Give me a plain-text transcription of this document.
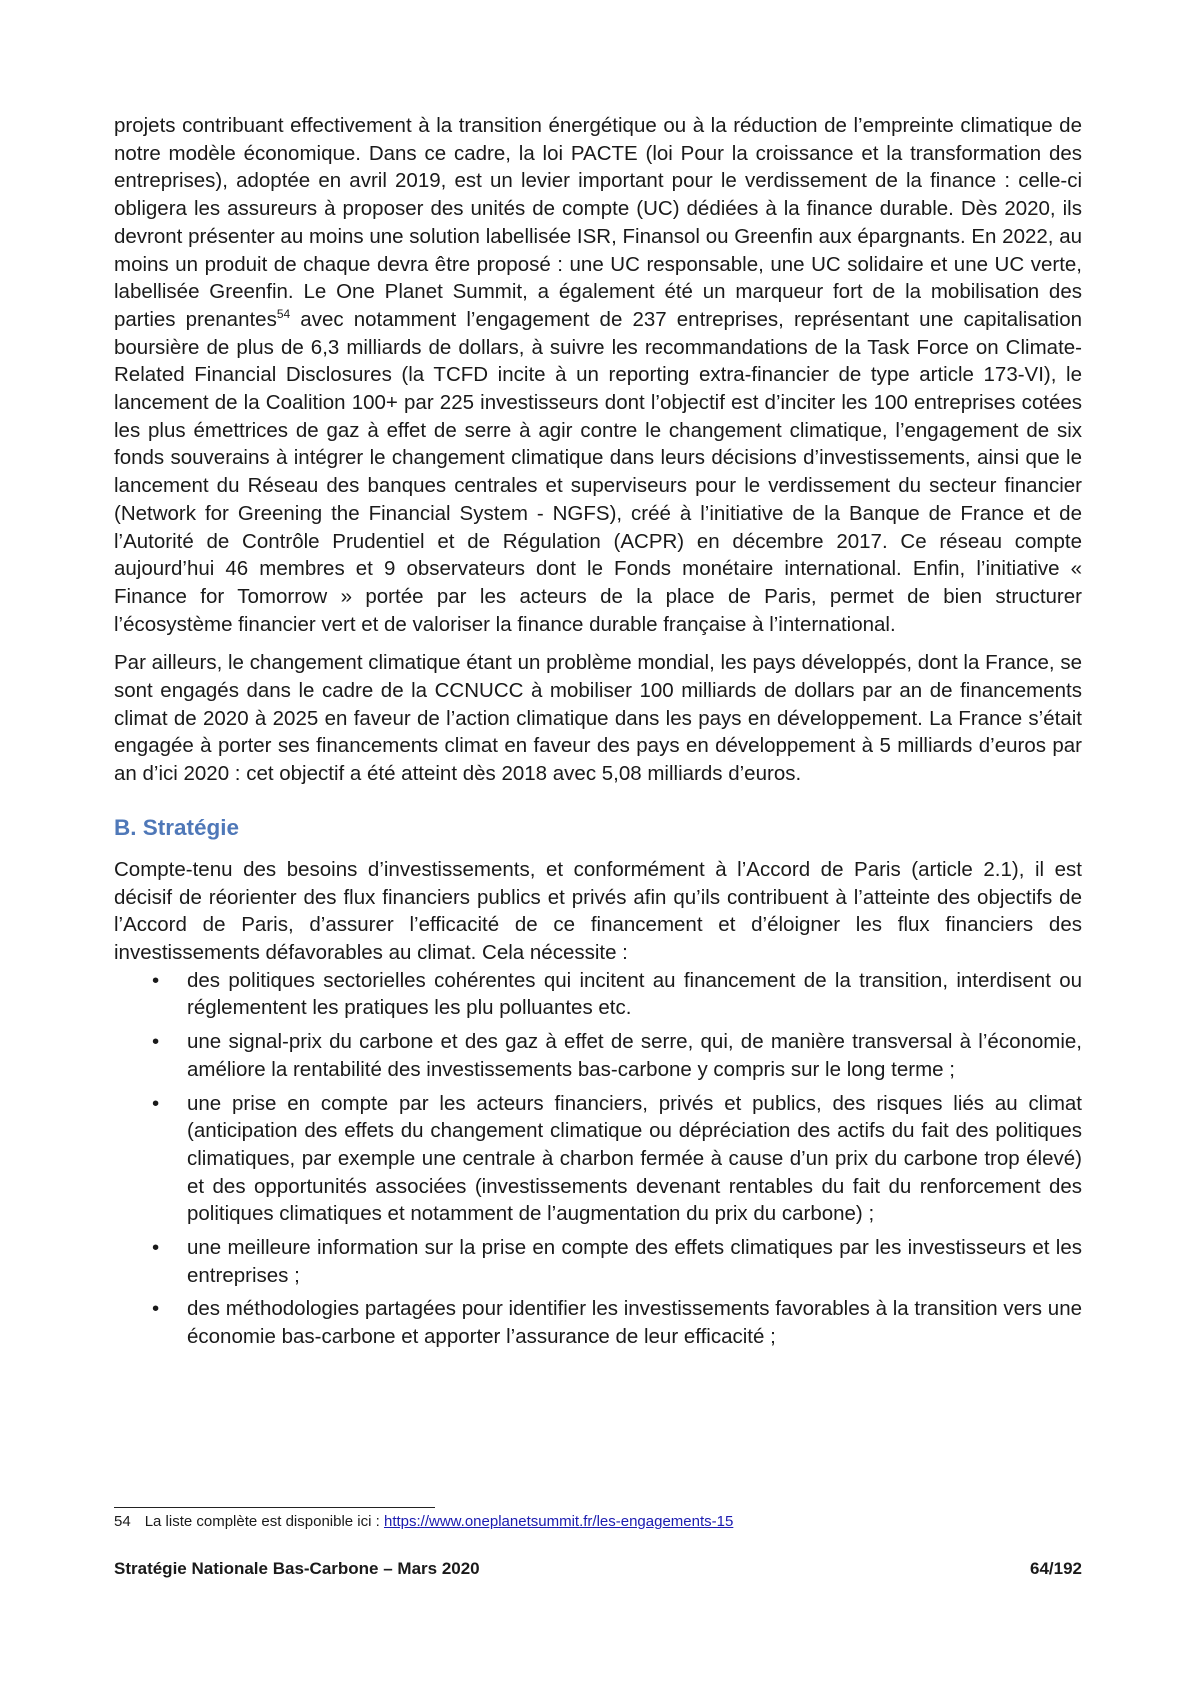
projets contribuant effectivement à la transition énergétique ou à la réduction de l’empreinte climatique de notre modèle économique. Dans ce cadre, la loi PACTE (loi Pour la croissance et la transformation des entreprises), adoptée en avril 2019, est un levier important pour le verdissement de la finance : celle-ci obligera les assureurs à proposer des unités de compte (UC) dédiées à la finance durable. Dès 2020, ils devront présenter au moins une solution labellisée ISR, Finansol ou Greenfin aux épargnants. En 2022, au moins un produit de chaque devra être proposé : une UC responsable, une UC solidaire et une UC verte, labellisée Greenfin. Le One Planet Summit, a également été un marqueur fort de la mobilisation des parties prenantes$^{54}$ avec notamment l’engagement de 237 entreprises, représentant une capitalisation boursière de plus de 6,3 milliards de dollars, à suivre les recommandations de la Task Force on Climate-Related Financial Disclosures (la TCFD incite à un reporting extra-financier de type article 173-VI), le lancement de la Coalition 100+ par 225 investisseurs dont l’objectif est d’inciter les 100 entreprises cotées les plus émettrices de gaz à effet de serre à agir contre le changement climatique, l’engagement de six fonds souverains à intégrer le changement climatique dans leurs décisions d’investissements, ainsi que le lancement du Réseau des banques centrales et superviseurs pour le verdissement du secteur financier (Network for Greening the Financial System - NGFS), créé à l’initiative de la Banque de France et de l’Autorité de Contrôle Prudentiel et de Régulation (ACPR) en décembre 2017. Ce réseau compte aujourd’hui 46 membres et 9 observateurs dont le Fonds monétaire international. Enfin, l’initiative « Finance for Tomorrow » portée par les acteurs de la place de Paris, permet de bien structurer l’écosystème financier vert et de valoriser la finance durable française à l’international.

Par ailleurs, le changement climatique étant un problème mondial, les pays développés, dont la France, se sont engagés dans le cadre de la CCNUCC à mobiliser 100 milliards de dollars par an de financements climat de 2020 à 2025 en faveur de l’action climatique dans les pays en développement. La France s’était engagée à porter ses financements climat en faveur des pays en développement à 5 milliards d’euros par an d’ici 2020 : cet objectif a été atteint dès 2018 avec 5,08 milliards d’euros.

B. Stratégie

Compte-tenu des besoins d’investissements, et conformément à l’Accord de Paris (article 2.1), il est décisif de réorienter des flux financiers publics et privés afin qu’ils contribuent à l’atteinte des objectifs de l’Accord de Paris, d’assurer l’efficacité de ce financement et d’éloigner les flux financiers des investissements défavorables au climat. Cela nécessite :

• des politiques sectorielles cohérentes qui incitent au financement de la transition, interdisent ou réglementent les pratiques les plu polluantes etc.
• une signal-prix du carbone et des gaz à effet de serre, qui, de manière transversal à l’économie, améliore la rentabilité des investissements bas-carbone y compris sur le long terme ;
• une prise en compte par les acteurs financiers, privés et publics, des risques liés au climat (anticipation des effets du changement climatique ou dépréciation des actifs du fait des politiques climatiques, par exemple une centrale à charbon fermée à cause d’un prix du carbone trop élevé) et des opportunités associées (investissements devenant rentables du fait du renforcement des politiques climatiques et notamment de l’augmentation du prix du carbone) ;
• une meilleure information sur la prise en compte des effets climatiques par les investisseurs et les entreprises ;
• des méthodologies partagées pour identifier les investissements favorables à la transition vers une économie bas-carbone et apporter l’assurance de leur efficacité ;
54 La liste complète est disponible ici : https://www.oneplanetsummit.fr/les-engagements-15
Stratégie Nationale Bas-Carbone – Mars 2020	64/192
